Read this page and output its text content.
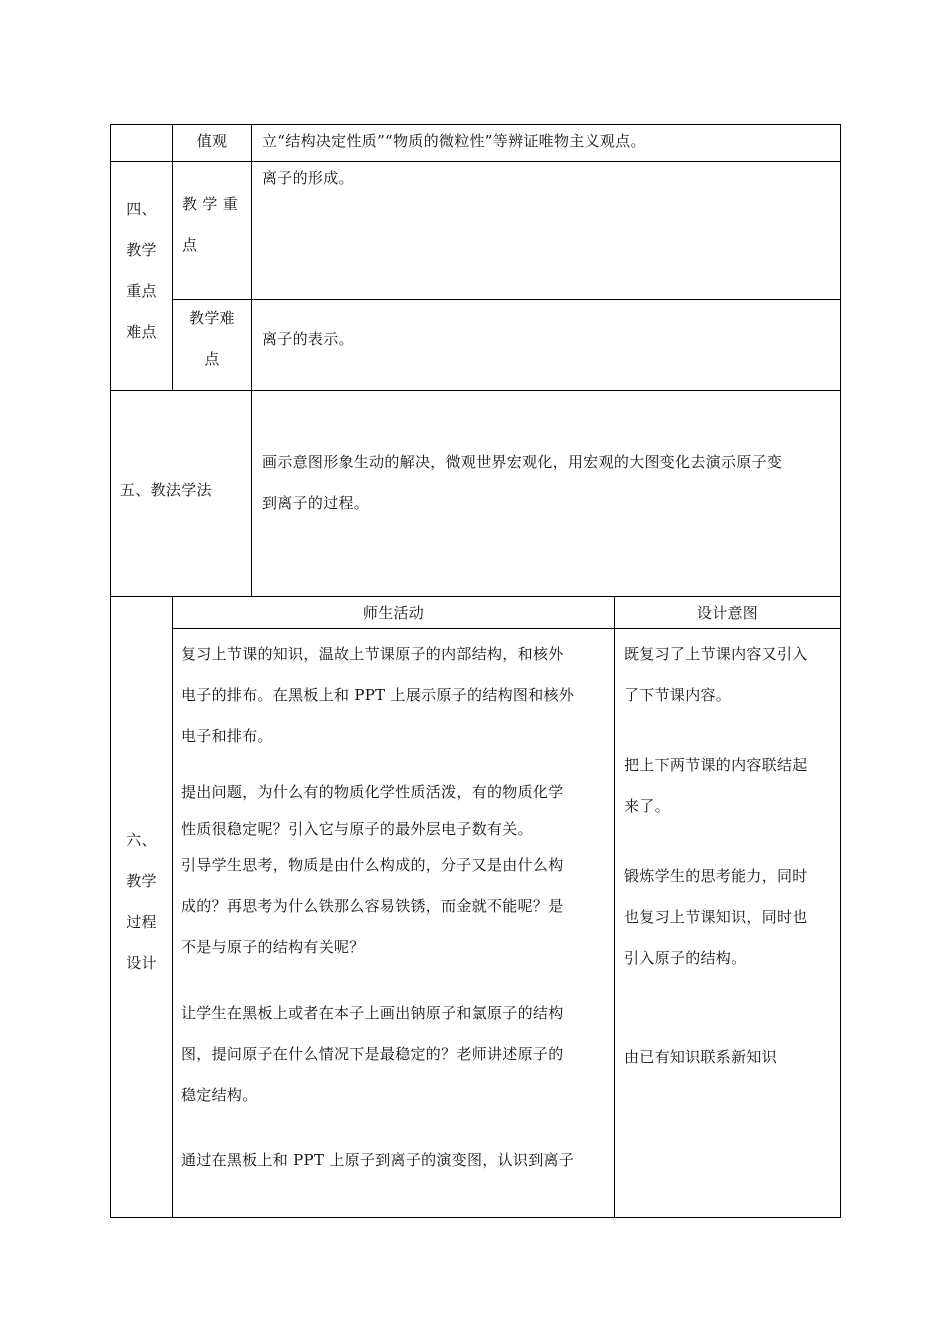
值观	立“结构决定性质”“物质的微粒性”等辨证唯物主义观点。
四、
教学
重点
难点
教 学 重
点
离子的形成。
教学难
点
离子的表示。
五、教法学法
画示意图形象生动的解决，微观世界宏观化，用宏观的大图变化去演示原子变
到离子的过程。
六、
教学
过程
设计
师生活动	设计意图
复习上节课的知识，温故上节课原子的内部结构，和核外
电子的排布。在黑板上和 PPT 上展示原子的结构图和核外
电子和排布。
提出问题，为什么有的物质化学性质活泼，有的物质化学
性质很稳定呢？引入它与原子的最外层电子数有关。
引导学生思考，物质是由什么构成的，分子又是由什么构
成的？再思考为什么铁那么容易铁锈，而金就不能呢？是
不是与原子的结构有关呢？
让学生在黑板上或者在本子上画出钠原子和氯原子的结构
图，提问原子在什么情况下是最稳定的？老师讲述原子的
稳定结构。
通过在黑板上和 PPT 上原子到离子的演变图，认识到离子
既复习了上节课内容又引入
了下节课内容。
把上下两节课的内容联结起
来了。
锻炼学生的思考能力，同时
也复习上节课知识，同时也
引入原子的结构。
由已有知识联系新知识
